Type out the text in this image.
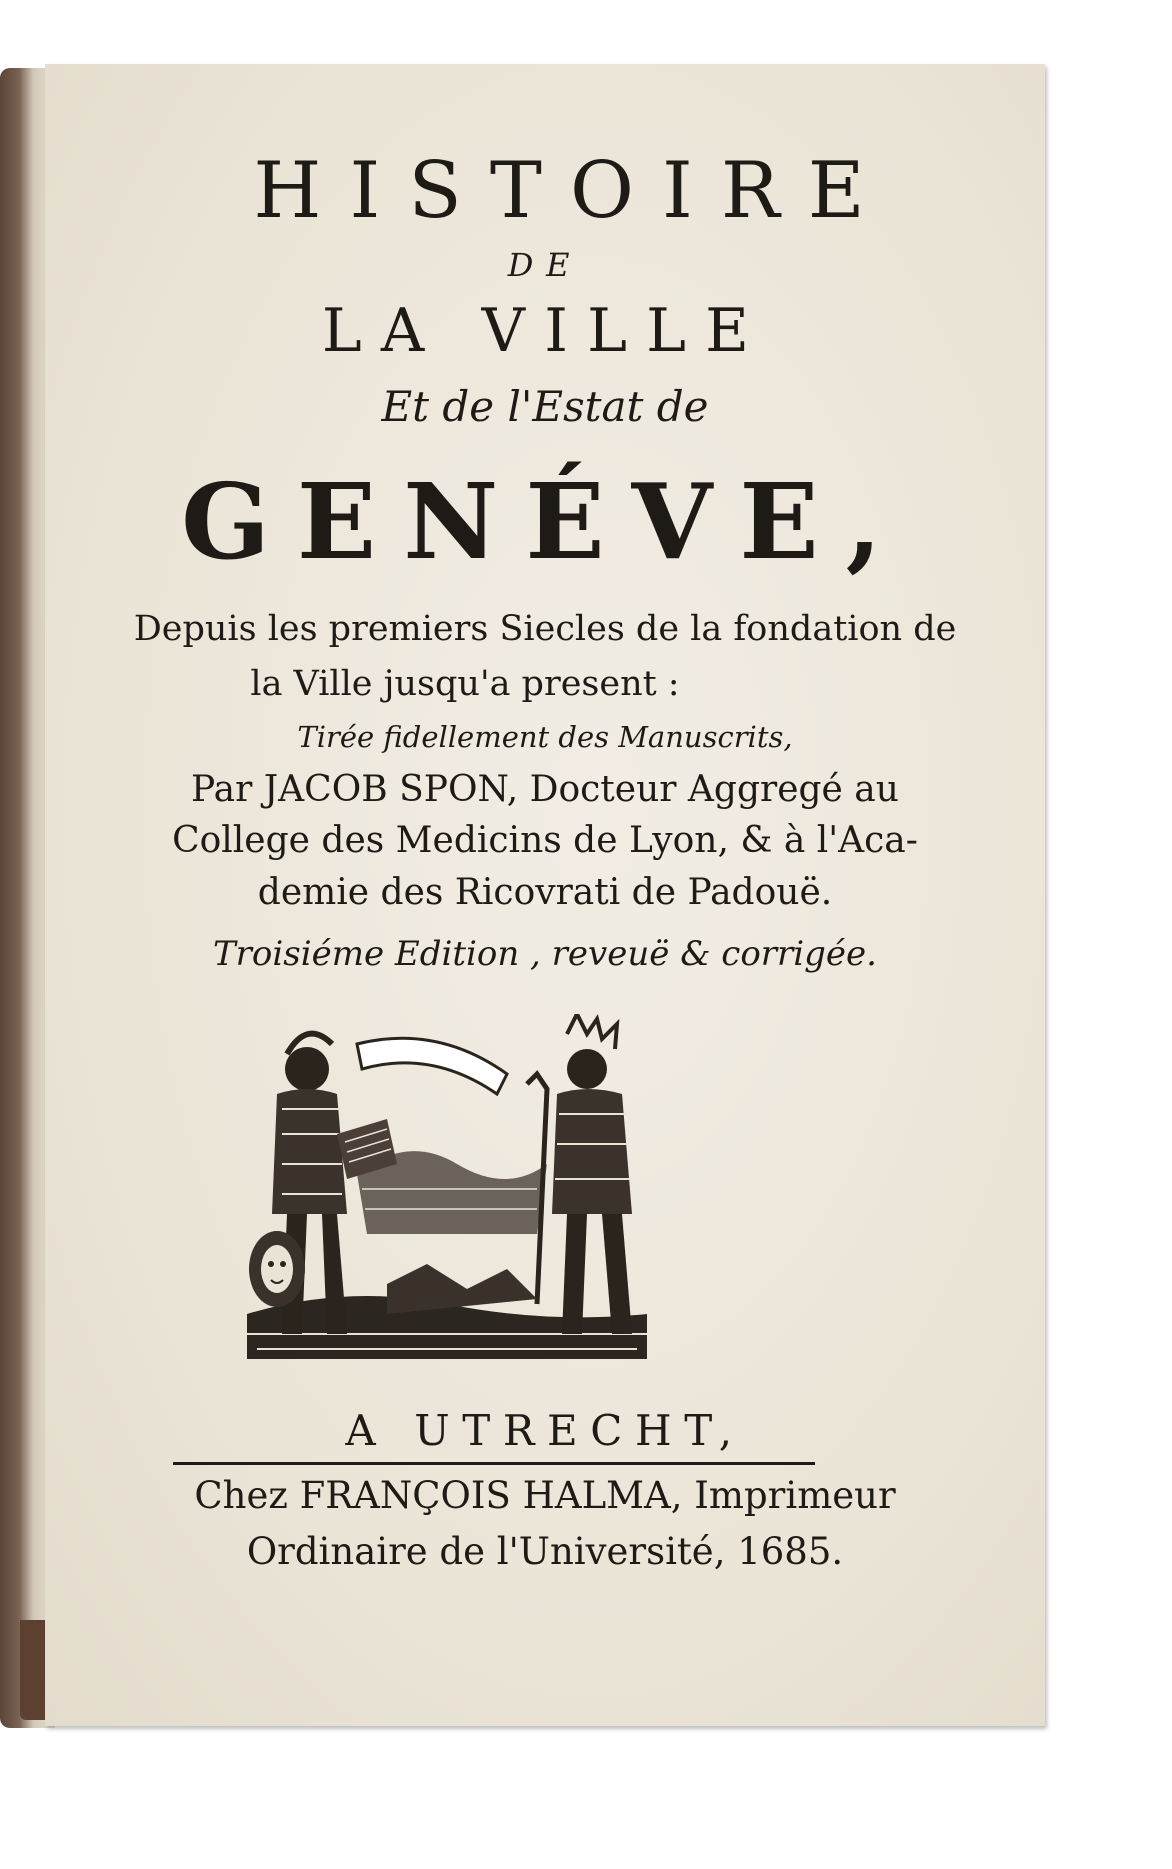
HISTOIRE
DE
LA VILLE
Et de l'Estat de
GENÉVE,
Depuis les premiers Siecles de la fondation de
la Ville jusqu'a present :
Tirée fidellement des Manuscrits,
Par JACOB SPON, Docteur Aggregé au
College des Medicins de Lyon, & à l'Aca-
demie des Ricovrati de Padouë.
Troisiéme Edition , reveuë & corrigée.
A UTRECHT,
Chez FRANÇOIS HALMA, Imprimeur
Ordinaire de l'Université, 1685.
